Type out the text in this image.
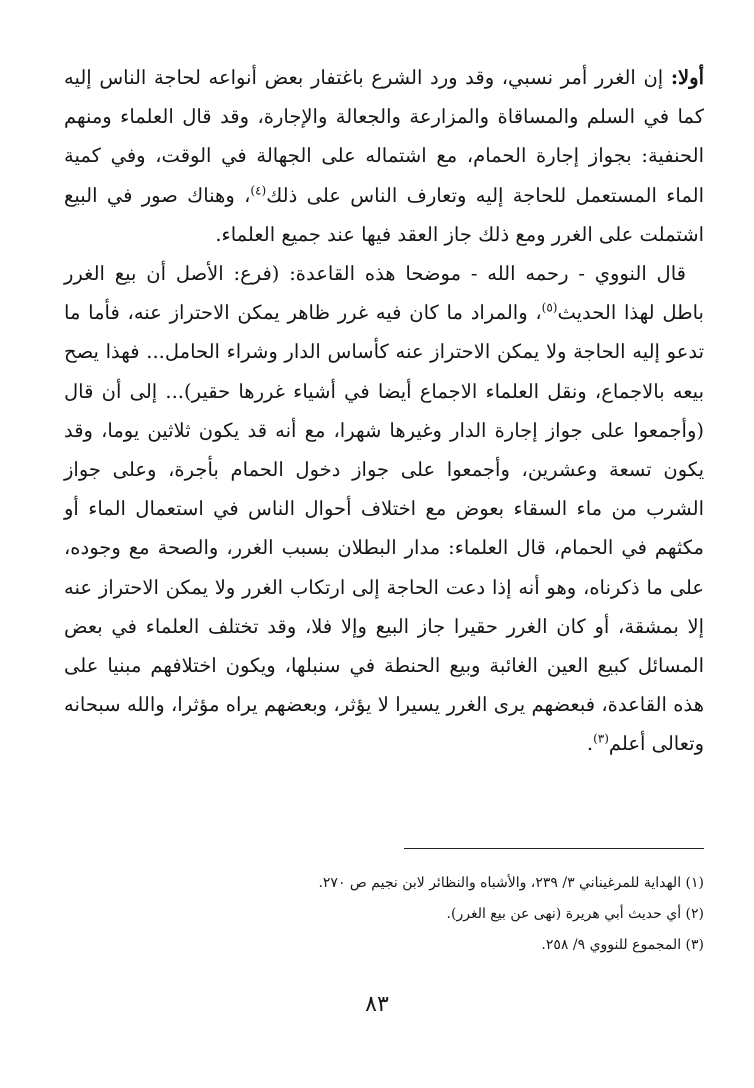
أولا: إن الغرر أمر نسبي، وقد ورد الشرع باغتفار بعض أنواعه لحاجة الناس إليه كما في السلم والمساقاة والمزارعة والجعالة والإجارة، وقد قال العلماء ومنهم الحنفية: بجواز إجارة الحمام، مع اشتماله على الجهالة في الوقت، وفي كمية الماء المستعمل للحاجة إليه وتعارف الناس على ذلك$^{(٤)}$، وهناك صور في البيع اشتملت على الغرر ومع ذلك جاز العقد فيها عند جميع العلماء.

قال النووي - رحمه الله - موضحا هذه القاعدة: (فرع: الأصل أن بيع الغرر باطل لهذا الحديث$^{(٥)}$، والمراد ما كان فيه غرر ظاهر يمكن الاحتراز عنه، فأما ما تدعو إليه الحاجة ولا يمكن الاحتراز عنه كأساس الدار وشراء الحامل... فهذا يصح بيعه بالاجماع، ونقل العلماء الاجماع أيضا في أشياء غررها حقير)... إلى أن قال (وأجمعوا على جواز إجارة الدار وغيرها شهرا، مع أنه قد يكون ثلاثين يوما، وقد يكون تسعة وعشرين، وأجمعوا على جواز دخول الحمام بأجرة، وعلى جواز الشرب من ماء السقاء بعوض مع اختلاف أحوال الناس في استعمال الماء أو مكثهم في الحمام، قال العلماء: مدار البطلان بسبب الغرر، والصحة مع وجوده، على ما ذكرناه، وهو أنه إذا دعت الحاجة إلى ارتكاب الغرر ولا يمكن الاحتراز عنه إلا بمشقة، أو كان الغرر حقيرا جاز البيع وإلا فلا، وقد تختلف العلماء في بعض المسائل كبيع العين الغائبة وبيع الحنطة في سنبلها، ويكون اختلافهم مبنيا على هذه القاعدة، فبعضهم يرى الغرر يسيرا لا يؤثر، وبعضهم يراه مؤثرا، والله سبحانه وتعالى أعلم$^{(٣)}$.

(١) الهداية للمرغيناني ٣/ ٢٣٩، والأشباه والنظائر لابن نجيم ص ٢٧٠.

(٢) أي حديث أبي هريرة (نهى عن بيع الغرر).

(٣) المجموع للنووي ٩/ ٢٥٨.

٨٣
